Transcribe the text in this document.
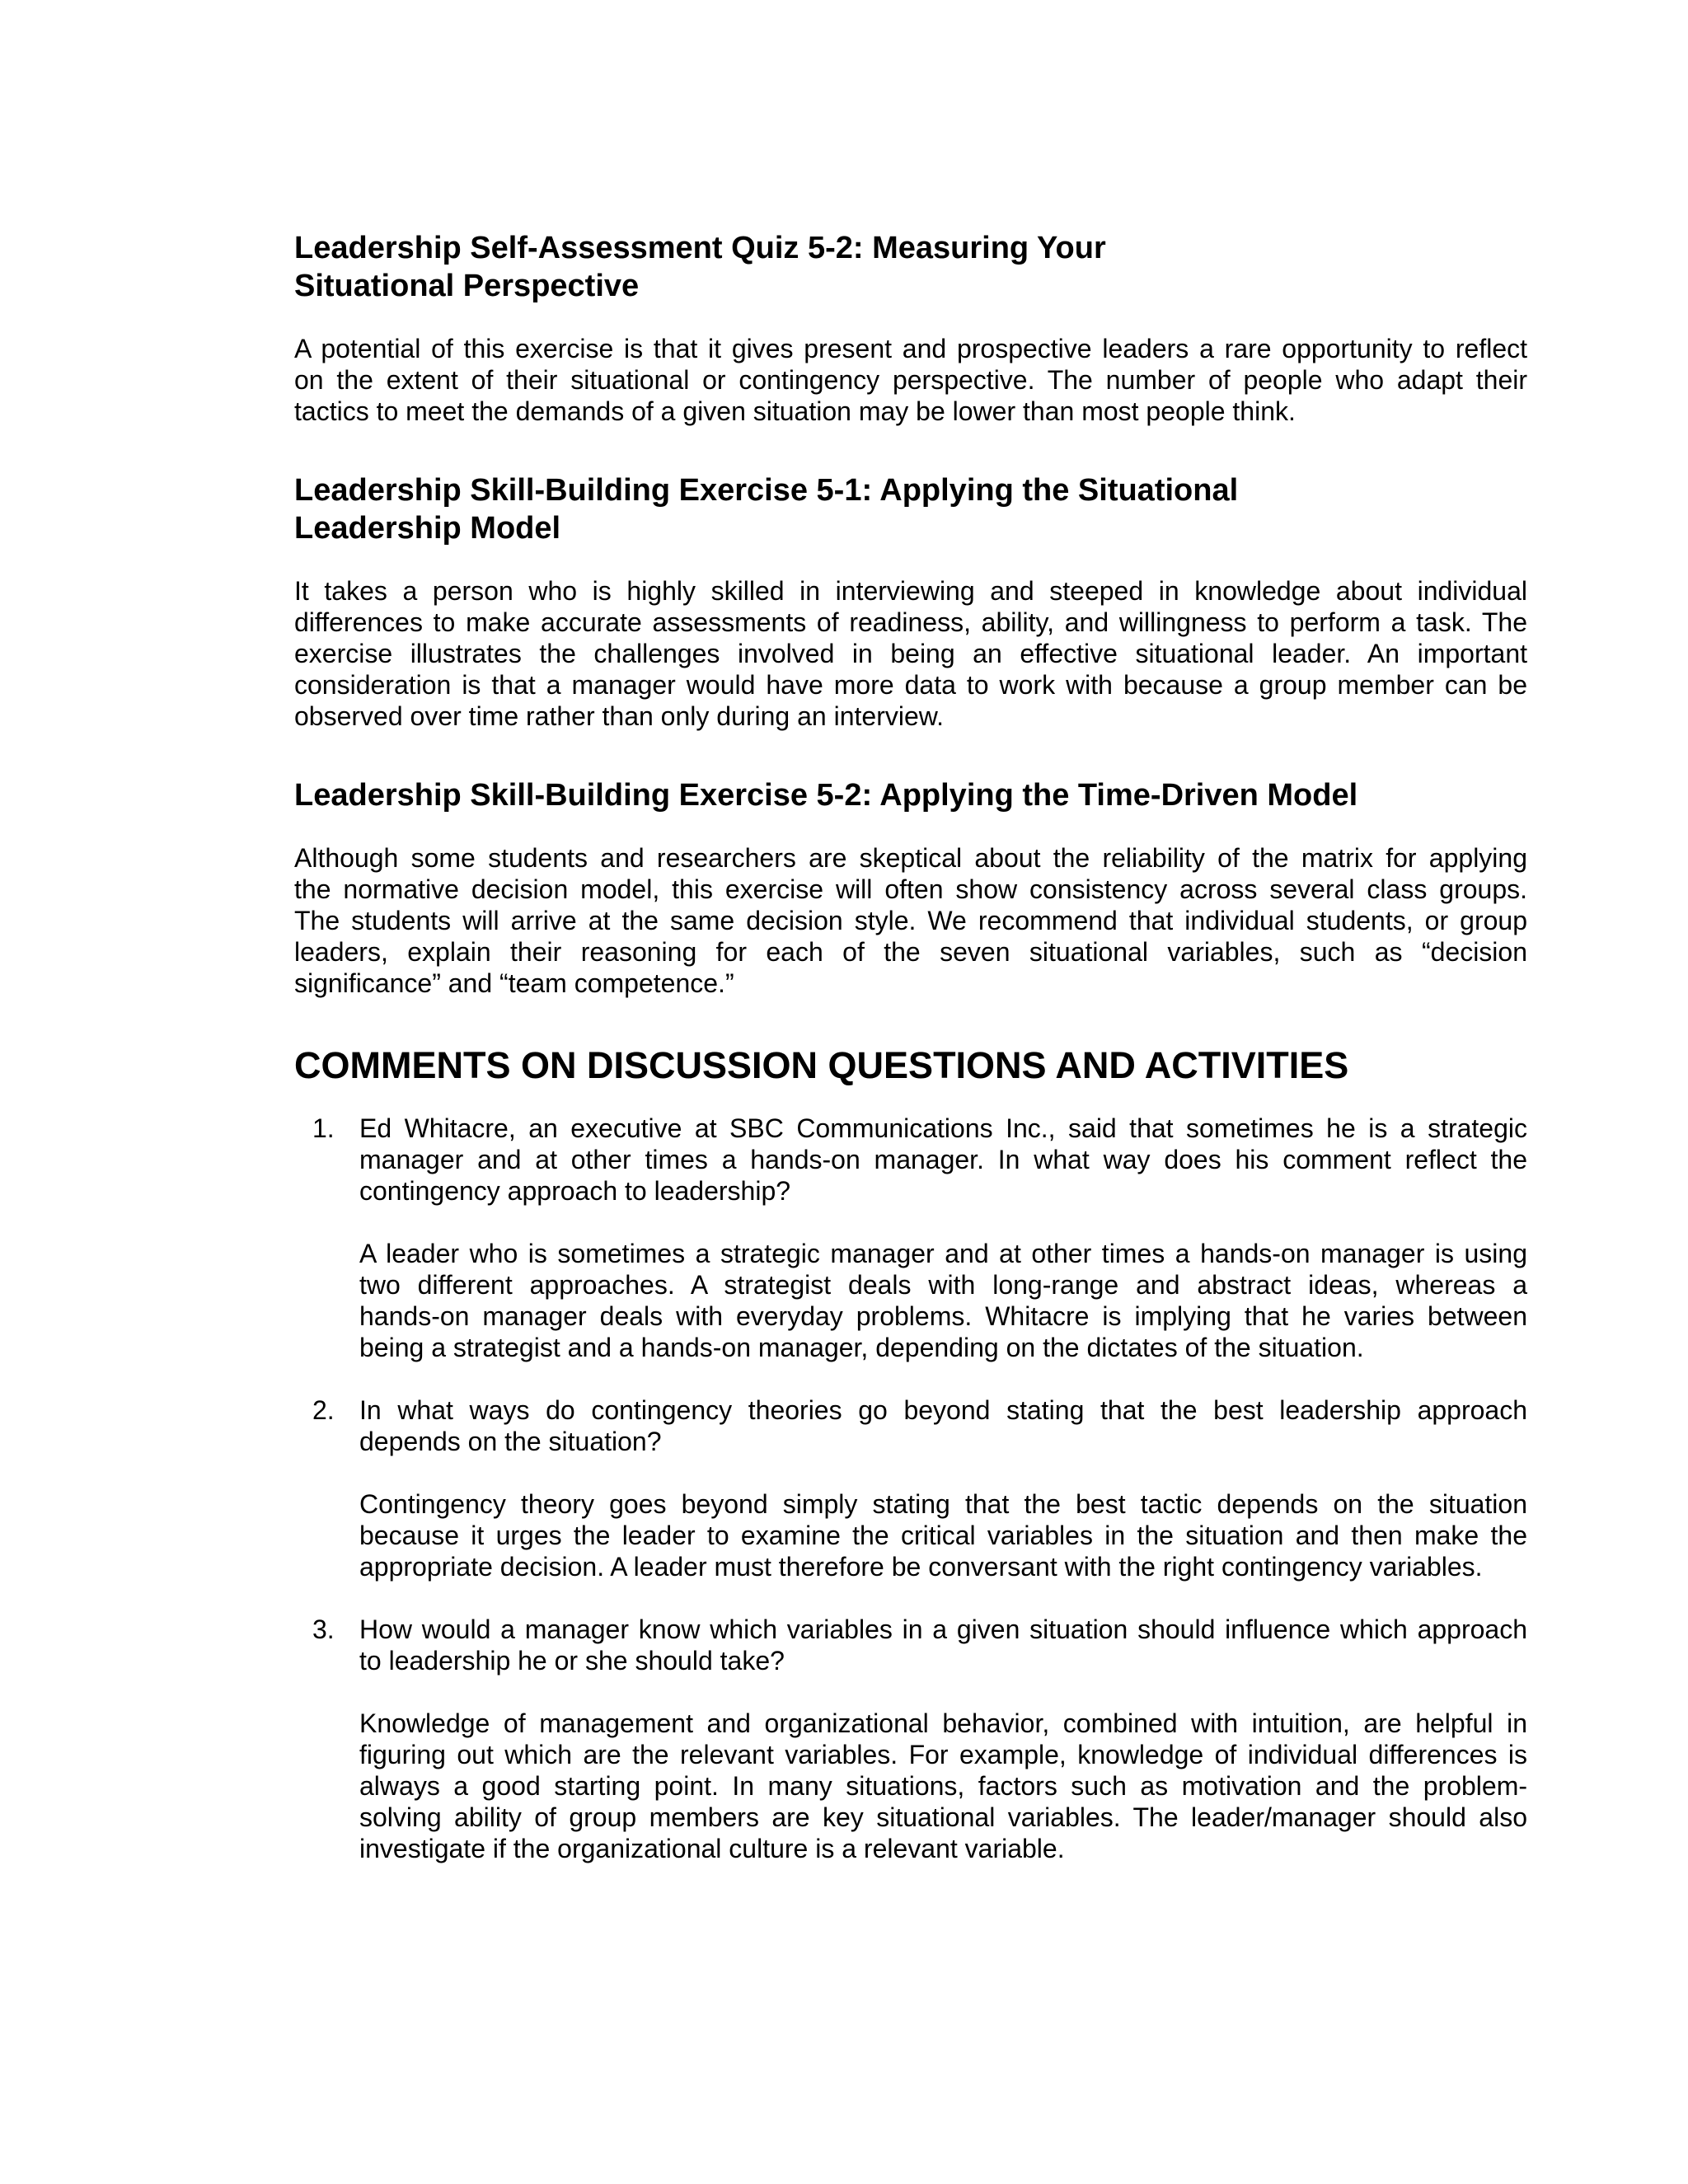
Leadership Self-Assessment Quiz 5-2: Measuring Your
Situational Perspective

A potential of this exercise is that it gives present and prospective leaders a rare opportunity to reflect
on the extent of their situational or contingency perspective. The number of people who adapt their
tactics to meet the demands of a given situation may be lower than most people think.

Leadership Skill-Building Exercise 5-1: Applying the Situational
Leadership Model

It takes a person who is highly skilled in interviewing and steeped in knowledge about individual
differences to make accurate assessments of readiness, ability, and willingness to perform a task. The
exercise illustrates the challenges involved in being an effective situational leader. An important
consideration is that a manager would have more data to work with because a group member can be
observed over time rather than only during an interview.

Leadership Skill-Building Exercise 5-2: Applying the Time-Driven Model

Although some students and researchers are skeptical about the reliability of the matrix for applying
the normative decision model, this exercise will often show consistency across several class groups.
The students will arrive at the same decision style. We recommend that individual students, or group
leaders, explain their reasoning for each of the seven situational variables, such as “decision
significance” and “team competence.”

COMMENTS ON DISCUSSION QUESTIONS AND ACTIVITIES
1. Ed Whitacre, an executive at SBC Communications Inc., said that sometimes he is a strategic
manager and at other times a hands-on manager. In what way does his comment reflect the
contingency approach to leadership?

A leader who is sometimes a strategic manager and at other times a hands-on manager is using
two different approaches. A strategist deals with long-range and abstract ideas, whereas a
hands-on manager deals with everyday problems. Whitacre is implying that he varies between
being a strategist and a hands-on manager, depending on the dictates of the situation.

2. In what ways do contingency theories go beyond stating that the best leadership approach
depends on the situation?

Contingency theory goes beyond simply stating that the best tactic depends on the situation
because it urges the leader to examine the critical variables in the situation and then make the
appropriate decision. A leader must therefore be conversant with the right contingency variables.

3. How would a manager know which variables in a given situation should influence which approach
to leadership he or she should take?

Knowledge of management and organizational behavior, combined with intuition, are helpful in
figuring out which are the relevant variables. For example, knowledge of individual differences is
always a good starting point. In many situations, factors such as motivation and the problem-
solving ability of group members are key situational variables. The leader/manager should also
investigate if the organizational culture is a relevant variable.
